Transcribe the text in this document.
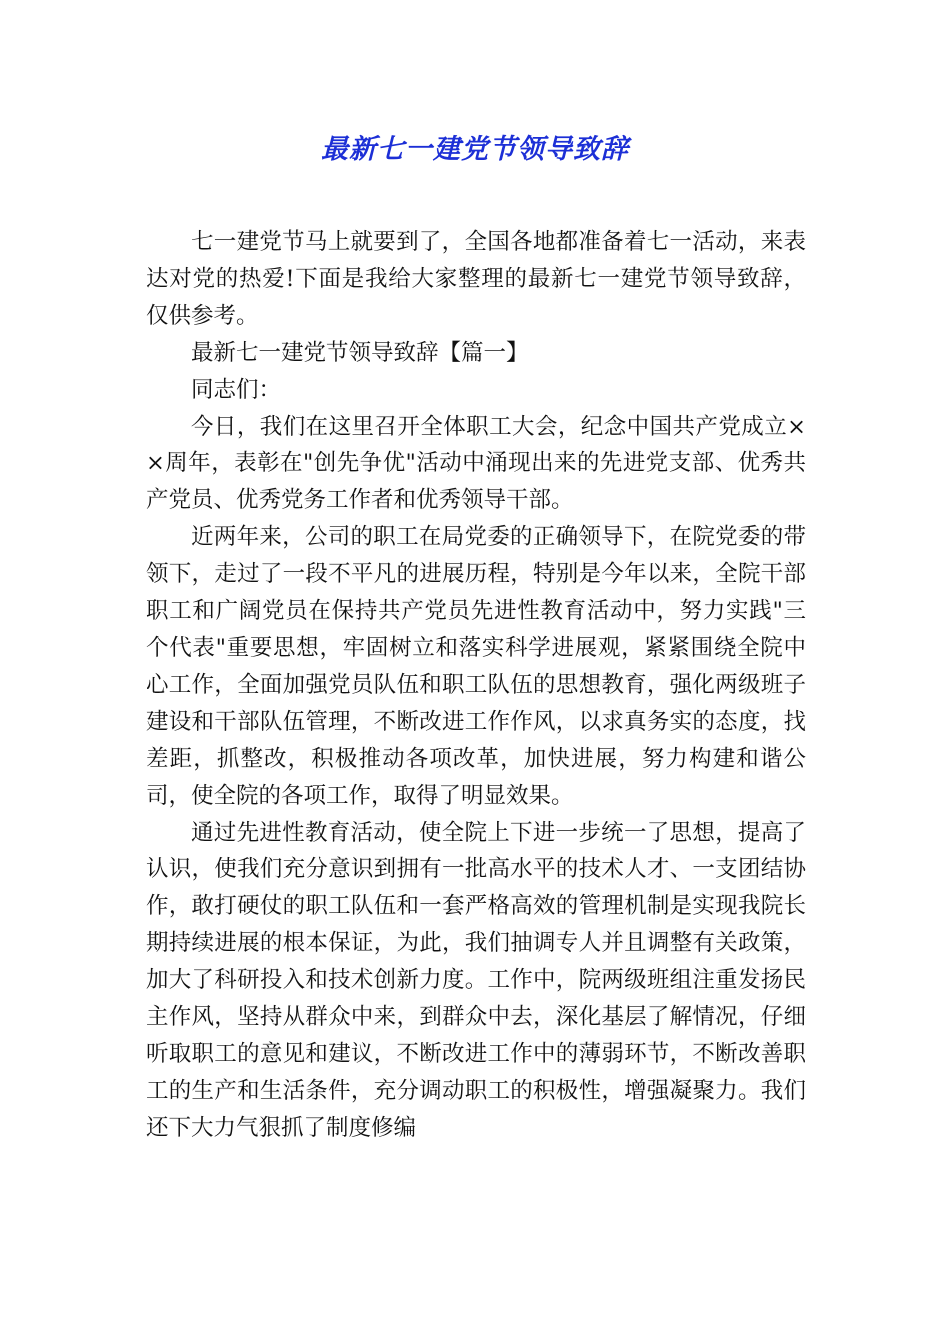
最新七一建党节领导致辞

七一建党节马上就要到了，全国各地都准备着七一活动，来表达对党的热爱!下面是我给大家整理的最新七一建党节领导致辞，仅供参考。

最新七一建党节领导致辞【篇一】

同志们：

今日，我们在这里召开全体职工大会，纪念中国共产党成立××周年，表彰在"创先争优"活动中涌现出来的先进党支部、优秀共产党员、优秀党务工作者和优秀领导干部。

近两年来，公司的职工在局党委的正确领导下，在院党委的带领下，走过了一段不平凡的进展历程，特别是今年以来，全院干部职工和广阔党员在保持共产党员先进性教育活动中，努力实践"三个代表"重要思想，牢固树立和落实科学进展观，紧紧围绕全院中心工作，全面加强党员队伍和职工队伍的思想教育，强化两级班子建设和干部队伍管理，不断改进工作作风，以求真务实的态度，找差距，抓整改，积极推动各项改革，加快进展，努力构建和谐公司，使全院的各项工作，取得了明显效果。

通过先进性教育活动，使全院上下进一步统一了思想，提高了认识，使我们充分意识到拥有一批高水平的技术人才、一支团结协作，敢打硬仗的职工队伍和一套严格高效的管理机制是实现我院长期持续进展的根本保证，为此，我们抽调专人并且调整有关政策，加大了科研投入和技术创新力度。工作中，院两级班组注重发扬民主作风，坚持从群众中来，到群众中去，深化基层了解情况，仔细听取职工的意见和建议，不断改进工作中的薄弱环节，不断改善职工的生产和生活条件，充分调动职工的积极性，增强凝聚力。我们还下大力气狠抓了制度修编
